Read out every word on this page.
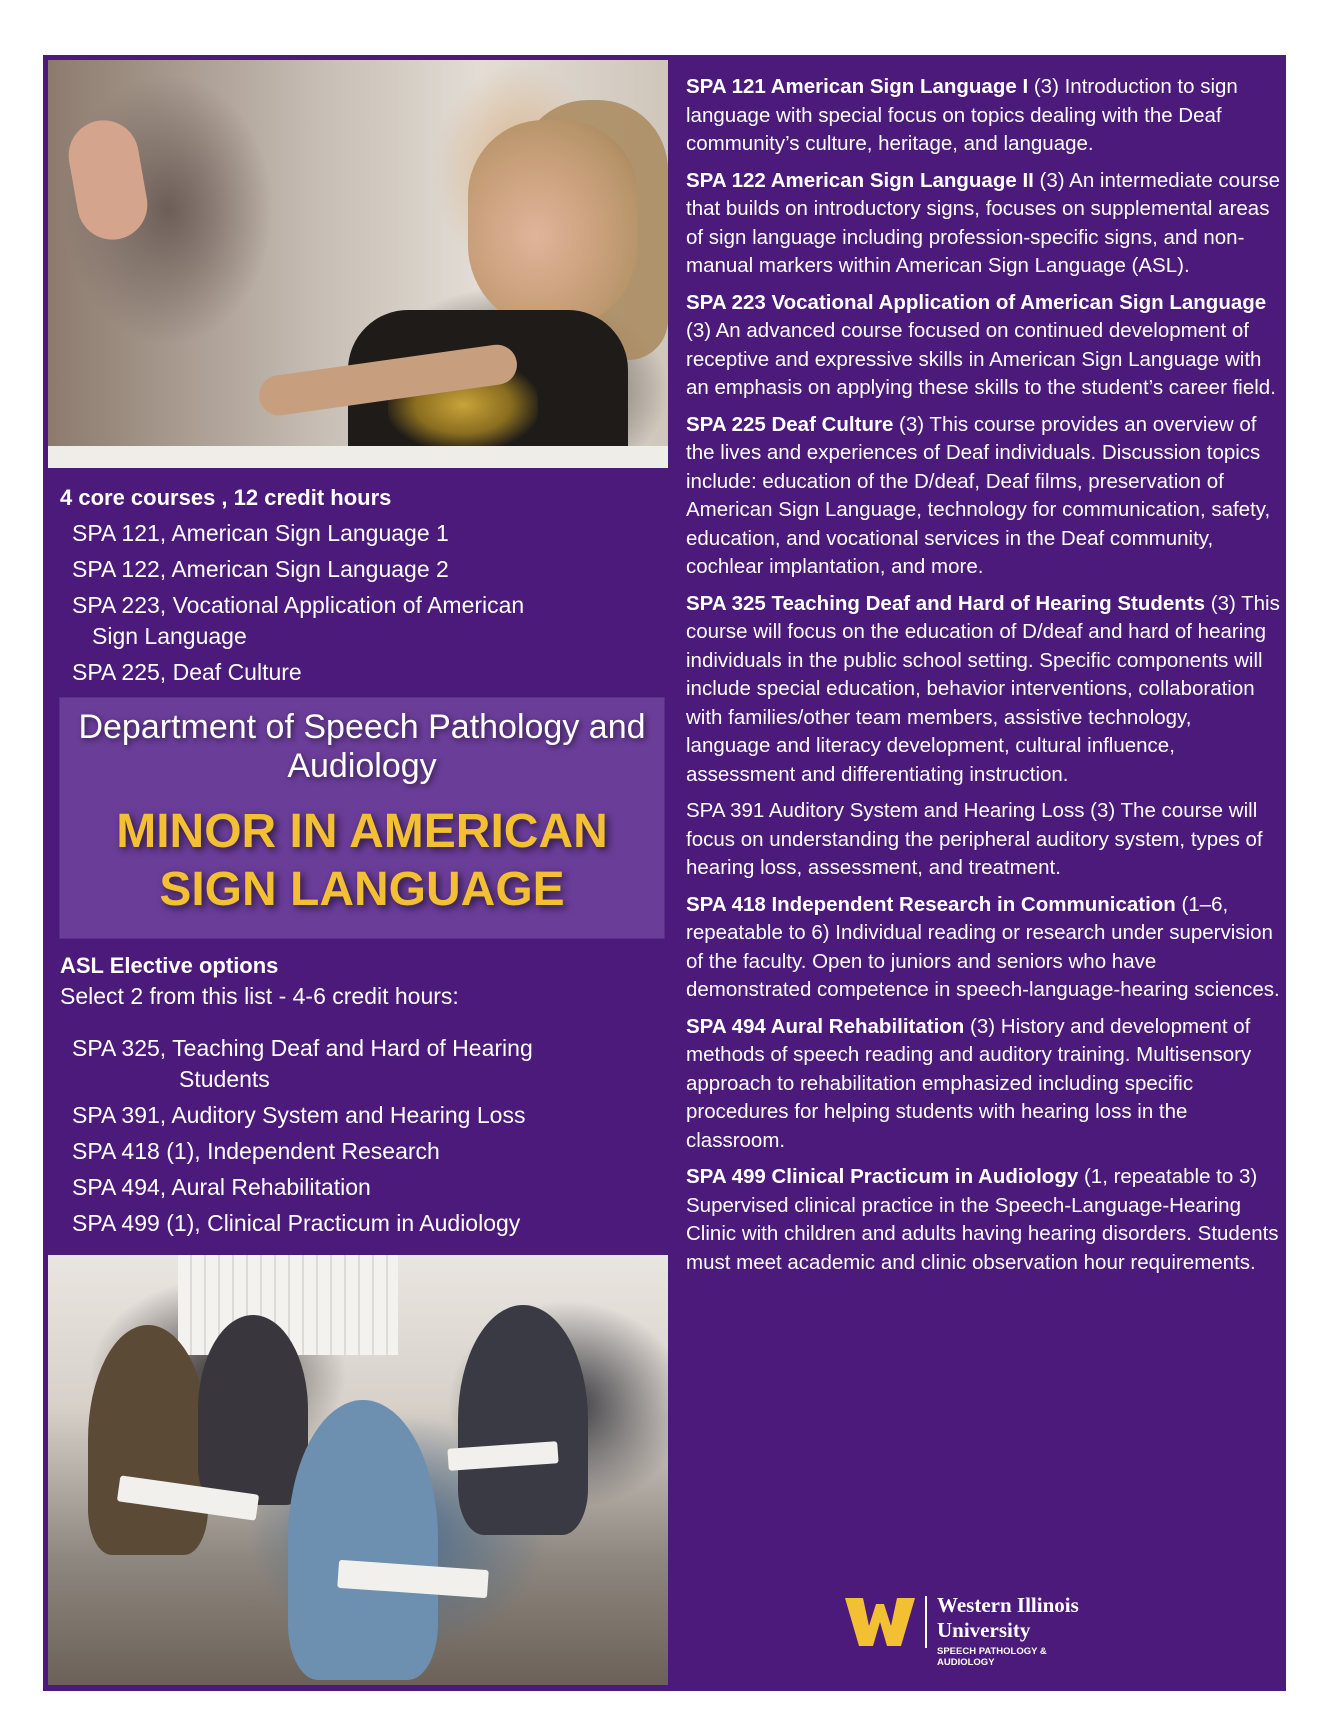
4 core courses , 12 credit hours
SPA 121, American Sign Language 1
SPA 122, American Sign Language 2
SPA 223, Vocational Application of American
Sign Language
SPA 225, Deaf Culture
Department of Speech Pathology and Audiology
MINOR IN AMERICAN
SIGN LANGUAGE
ASL Elective options
Select 2 from this list - 4-6 credit hours:
SPA 325, Teaching Deaf and Hard of Hearing
Students
SPA 391, Auditory System and Hearing Loss
SPA 418 (1), Independent Research
SPA 494, Aural Rehabilitation
SPA 499 (1), Clinical Practicum in Audiology
SPA 121 American Sign Language I (3) Introduction to sign language with special focus on topics dealing with the Deaf community’s culture, heritage, and language.
SPA 122 American Sign Language II (3) An intermediate course that builds on introductory signs, focuses on supplemental areas of sign language including profession-specific signs, and non-manual markers within American Sign Language (ASL).
SPA 223 Vocational Application of American Sign Language (3) An advanced course focused on continued development of receptive and expressive skills in American Sign Language with an emphasis on applying these skills to the student’s career field.
SPA 225 Deaf Culture (3) This course provides an overview of the lives and experiences of Deaf individuals. Discussion topics include: education of the D/deaf, Deaf films, preservation of American Sign Language, technology for communication, safety, education, and vocational services in the Deaf community, cochlear implantation, and more.
SPA 325 Teaching Deaf and Hard of Hearing Students (3) This course will focus on the education of D/deaf and hard of hearing individuals in the public school setting. Specific components will include special education, behavior interventions, collaboration with families/other team members, assistive technology, language and literacy development, cultural influence, assessment and differentiating instruction.
SPA 391 Auditory System and Hearing Loss (3) The course will focus on understanding the peripheral auditory system, types of hearing loss, assessment, and treatment.
SPA 418 Independent Research in Communication (1–6, repeatable to 6) Individual reading or research under supervision of the faculty. Open to juniors and seniors who have demonstrated competence in speech-language-hearing sciences.
SPA 494 Aural Rehabilitation (3) History and development of methods of speech reading and auditory training. Multisensory approach to rehabilitation emphasized including specific procedures for helping students with hearing loss in the classroom.
SPA 499 Clinical Practicum in Audiology (1, repeatable to 3) Supervised clinical practice in the Speech-Language-Hearing Clinic with children and adults having hearing disorders. Students must meet academic and clinic observation hour requirements.
Western Illinois
University
SPEECH PATHOLOGY &
AUDIOLOGY
